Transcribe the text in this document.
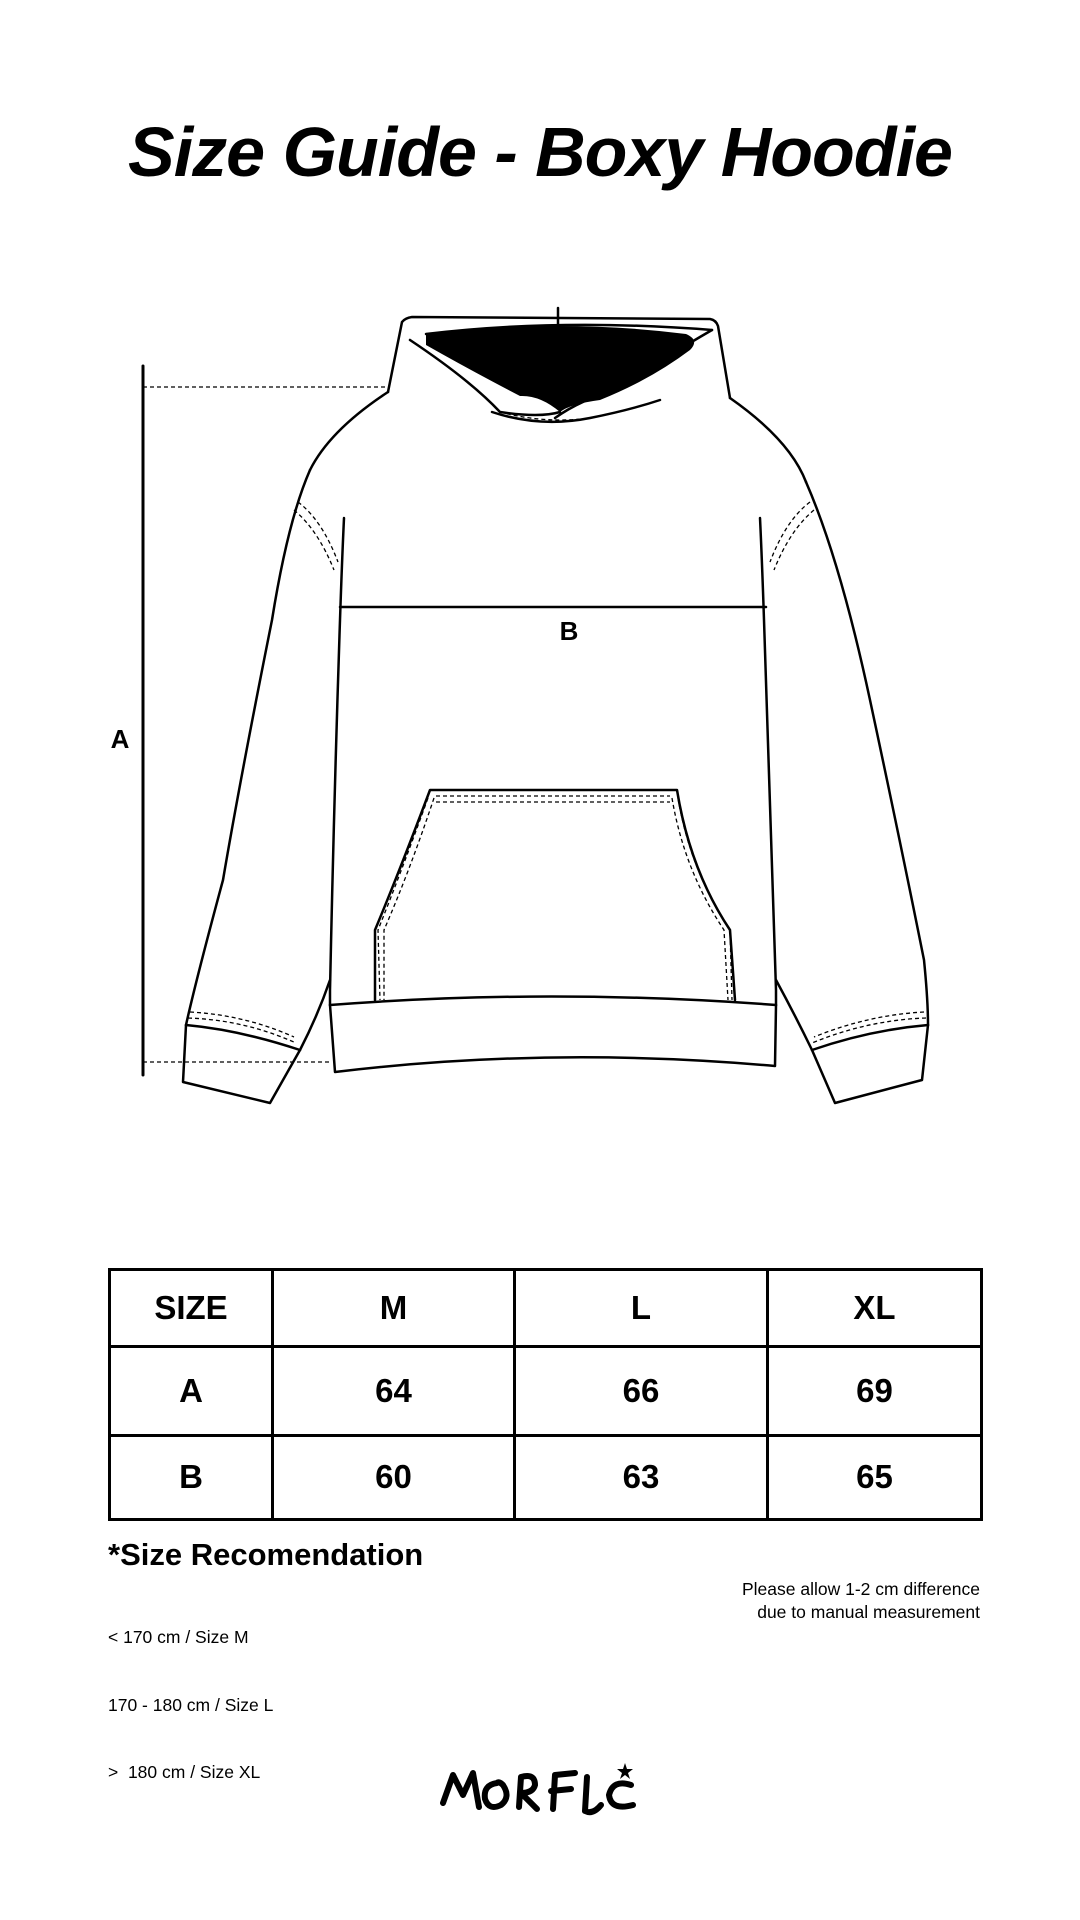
Size Guide - Boxy Hoodie
A
B
SIZE	M	L	XL
A	64	66	69
B	60	63	65
*Size Recomendation

< 170 cm / Size M

170 - 180 cm / Size L

>  180 cm / Size XL

Please allow 1-2 cm difference
due to manual measurement
